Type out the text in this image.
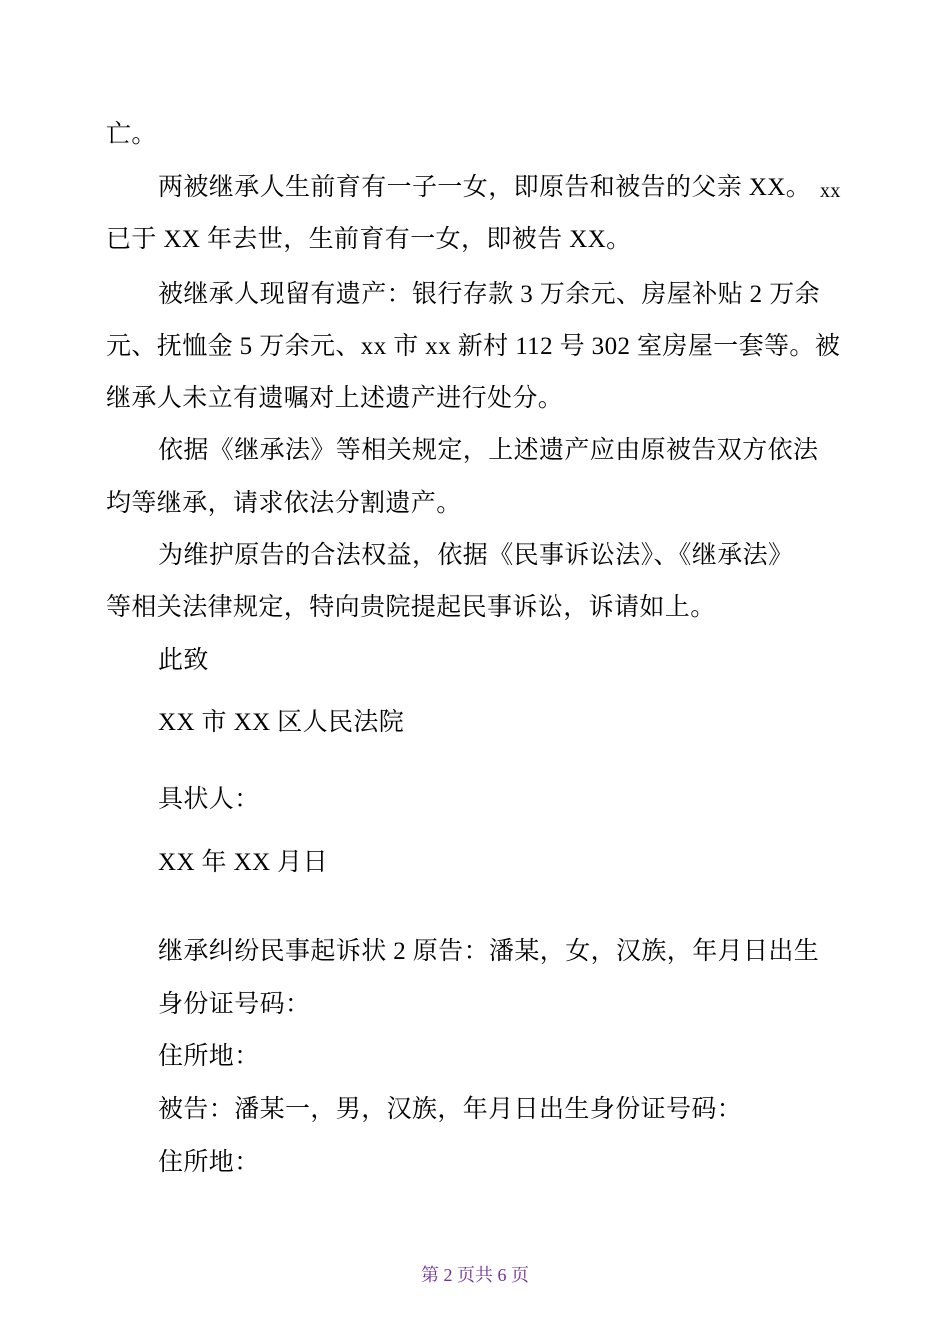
亡。
两被继承人生前育有一子一女，即原告和被告的父亲 XX。 xx
已于 XX 年去世，生前育有一女，即被告 XX。
被继承人现留有遗产：银行存款 3 万余元、房屋补贴 2 万余
元、抚恤金 5 万余元、xx 市 xx 新村 112 号 302 室房屋一套等。被
继承人未立有遗嘱对上述遗产进行处分。
依据《继承法》等相关规定，上述遗产应由原被告双方依法
均等继承，请求依法分割遗产。
为维护原告的合法权益，依据《民事诉讼法》、《继承法》
等相关法律规定，特向贵院提起民事诉讼，诉请如上。
此致
XX 市 XX 区人民法院
具状人：
XX 年 XX 月日
继承纠纷民事起诉状 2 原告：潘某，女，汉族，年月日出生
身份证号码：
住所地：
被告：潘某一，男，汉族，年月日出生身份证号码：
住所地：
第 2 页共 6 页
